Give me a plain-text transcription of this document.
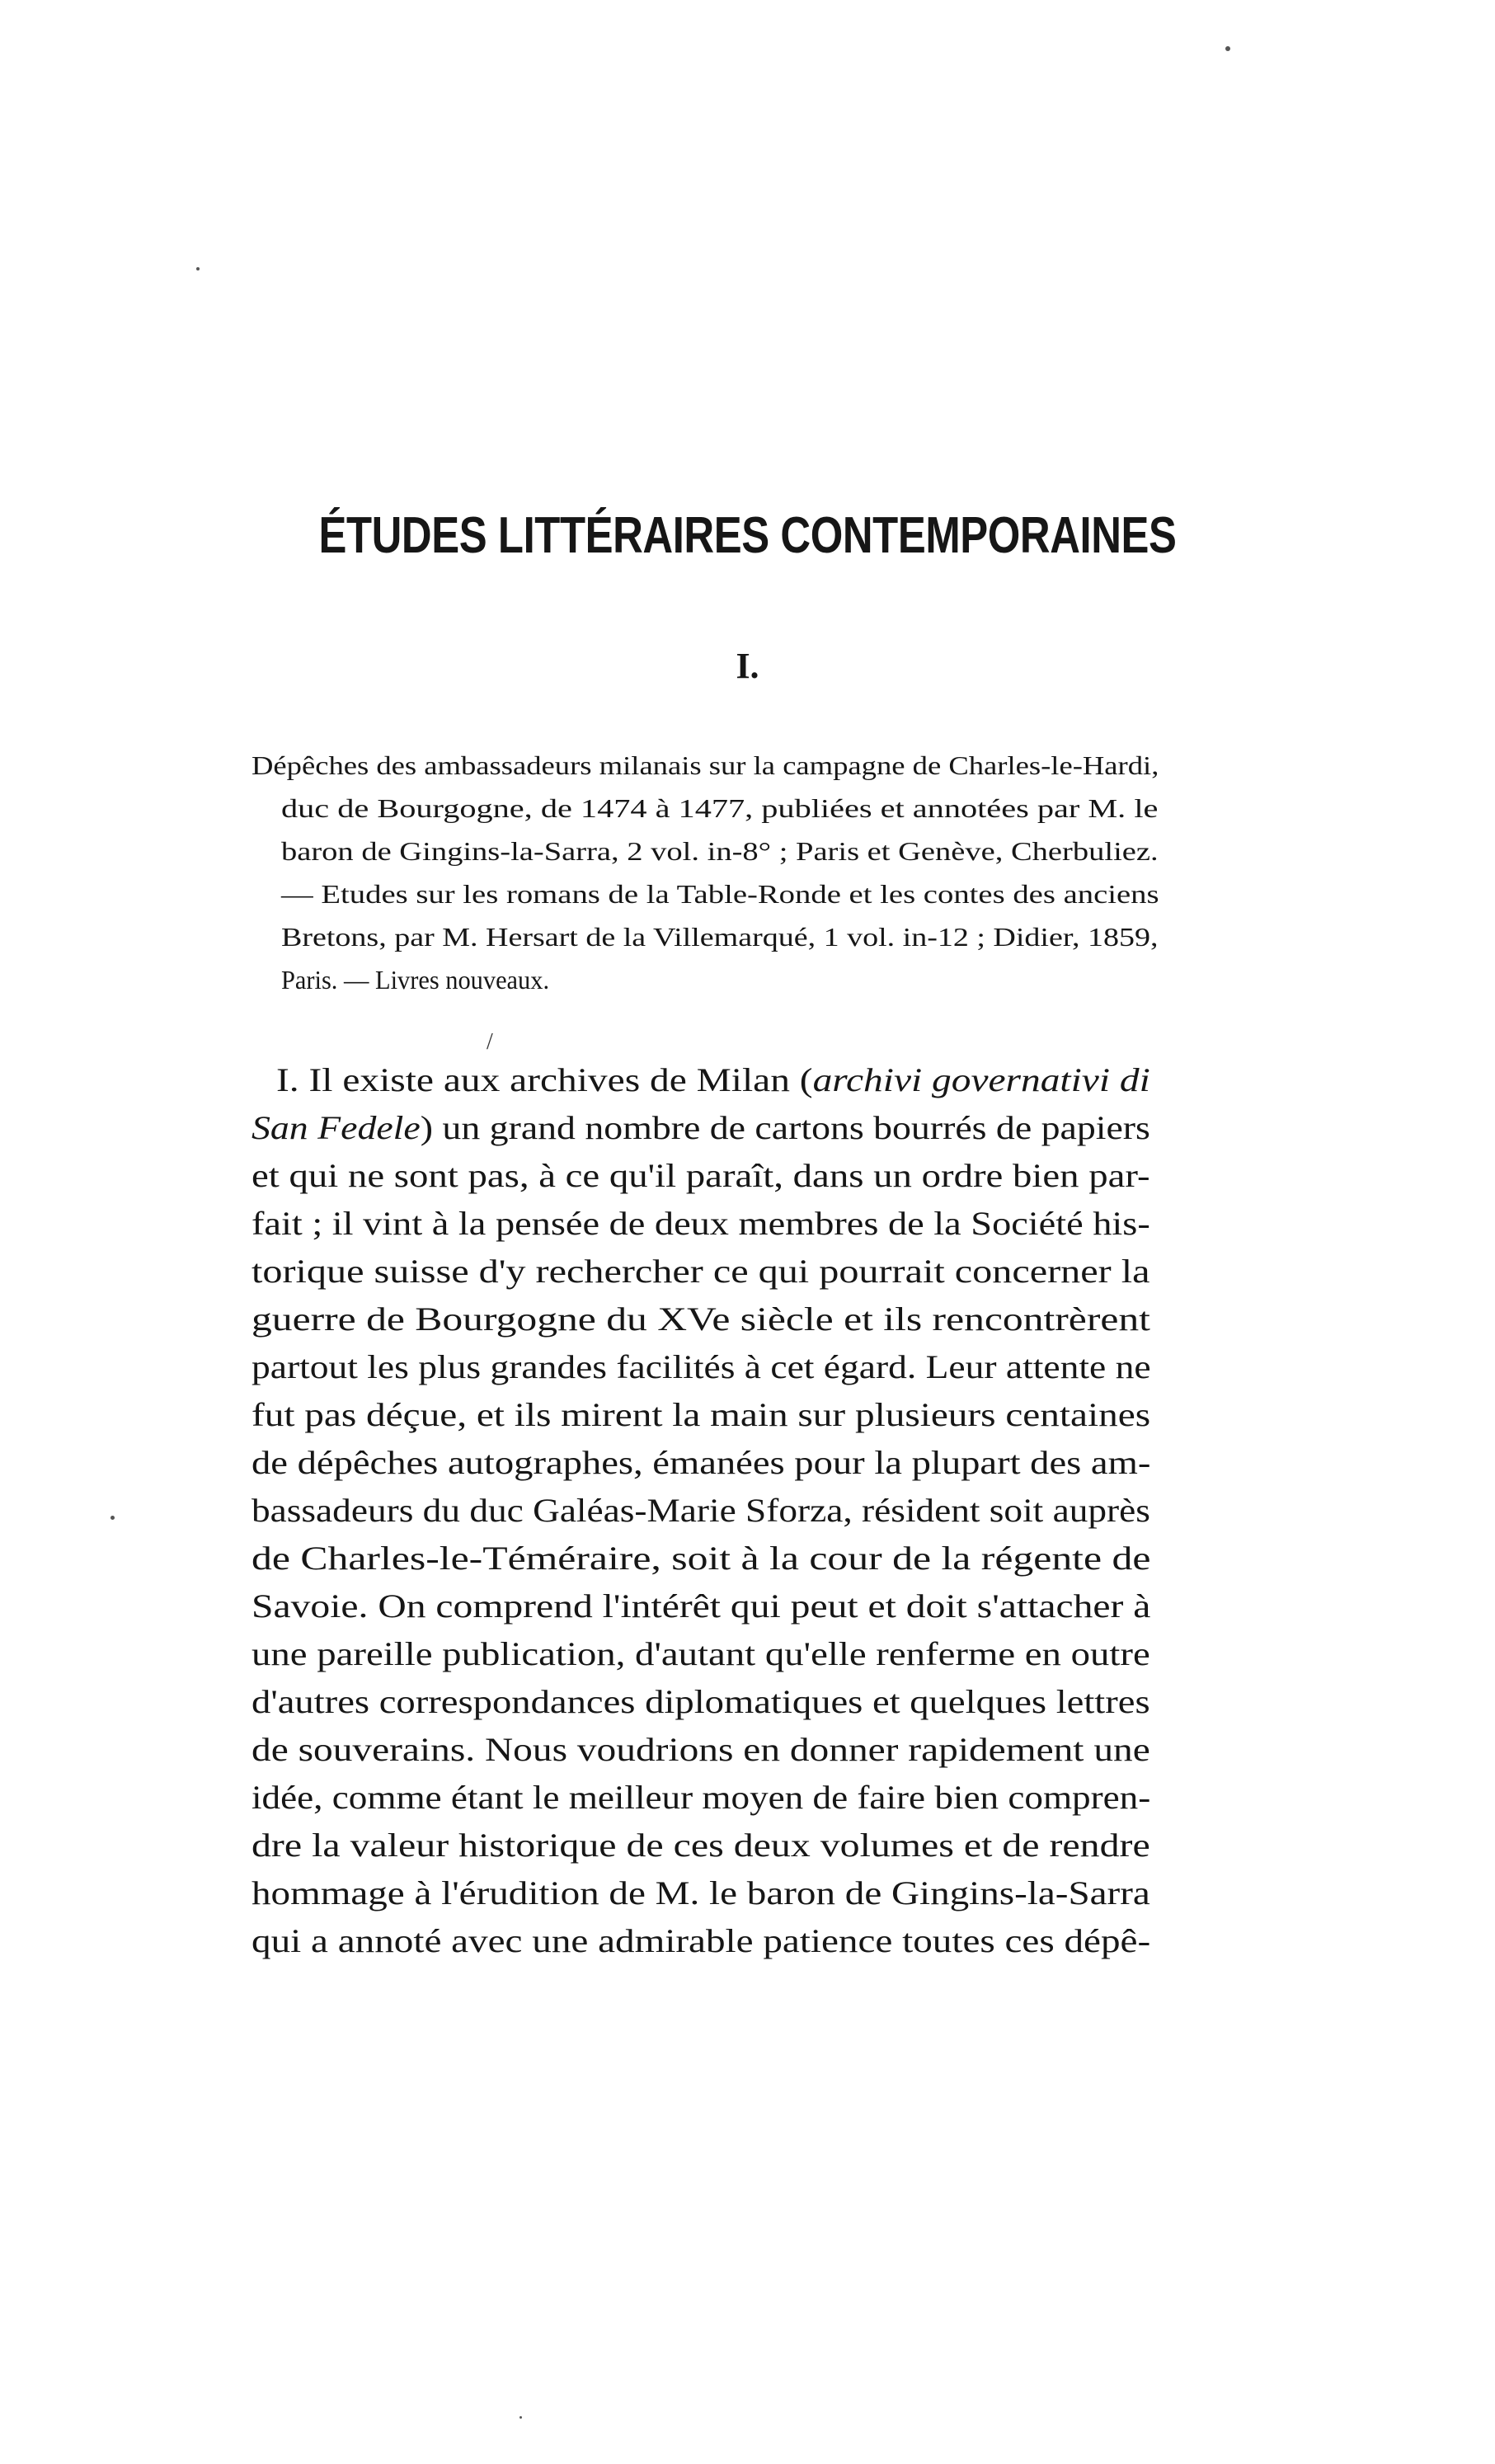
ÉTUDES LITTÉRAIRES CONTEMPORAINES
I.
Dépêches des ambassadeurs milanais sur la campagne de Charles-le-Hardi,
duc de Bourgogne, de 1474 à 1477, publiées et annotées par M. le
baron de Gingins-la-Sarra, 2 vol. in-8° ; Paris et Genève, Cherbuliez.
— Etudes sur les romans de la Table-Ronde et les contes des anciens
Bretons, par M. Hersart de la Villemarqué, 1 vol. in-12 ; Didier, 1859,
Paris. — Livres nouveaux.
I. Il existe aux archives de Milan (archivi governativi di
San Fedele) un grand nombre de cartons bourrés de papiers
et qui ne sont pas, à ce qu'il paraît, dans un ordre bien par-
fait ; il vint à la pensée de deux membres de la Société his-
torique suisse d'y rechercher ce qui pourrait concerner la
guerre de Bourgogne du XVe siècle et ils rencontrèrent
partout les plus grandes facilités à cet égard. Leur attente ne
fut pas déçue, et ils mirent la main sur plusieurs centaines
de dépêches autographes, émanées pour la plupart des am-
bassadeurs du duc Galéas-Marie Sforza, résident soit auprès
de Charles-le-Téméraire, soit à la cour de la régente de
Savoie. On comprend l'intérêt qui peut et doit s'attacher à
une pareille publication, d'autant qu'elle renferme en outre
d'autres correspondances diplomatiques et quelques lettres
de souverains. Nous voudrions en donner rapidement une
idée, comme étant le meilleur moyen de faire bien compren-
dre la valeur historique de ces deux volumes et de rendre
hommage à l'érudition de M. le baron de Gingins-la-Sarra
qui a annoté avec une admirable patience toutes ces dépê-
/
